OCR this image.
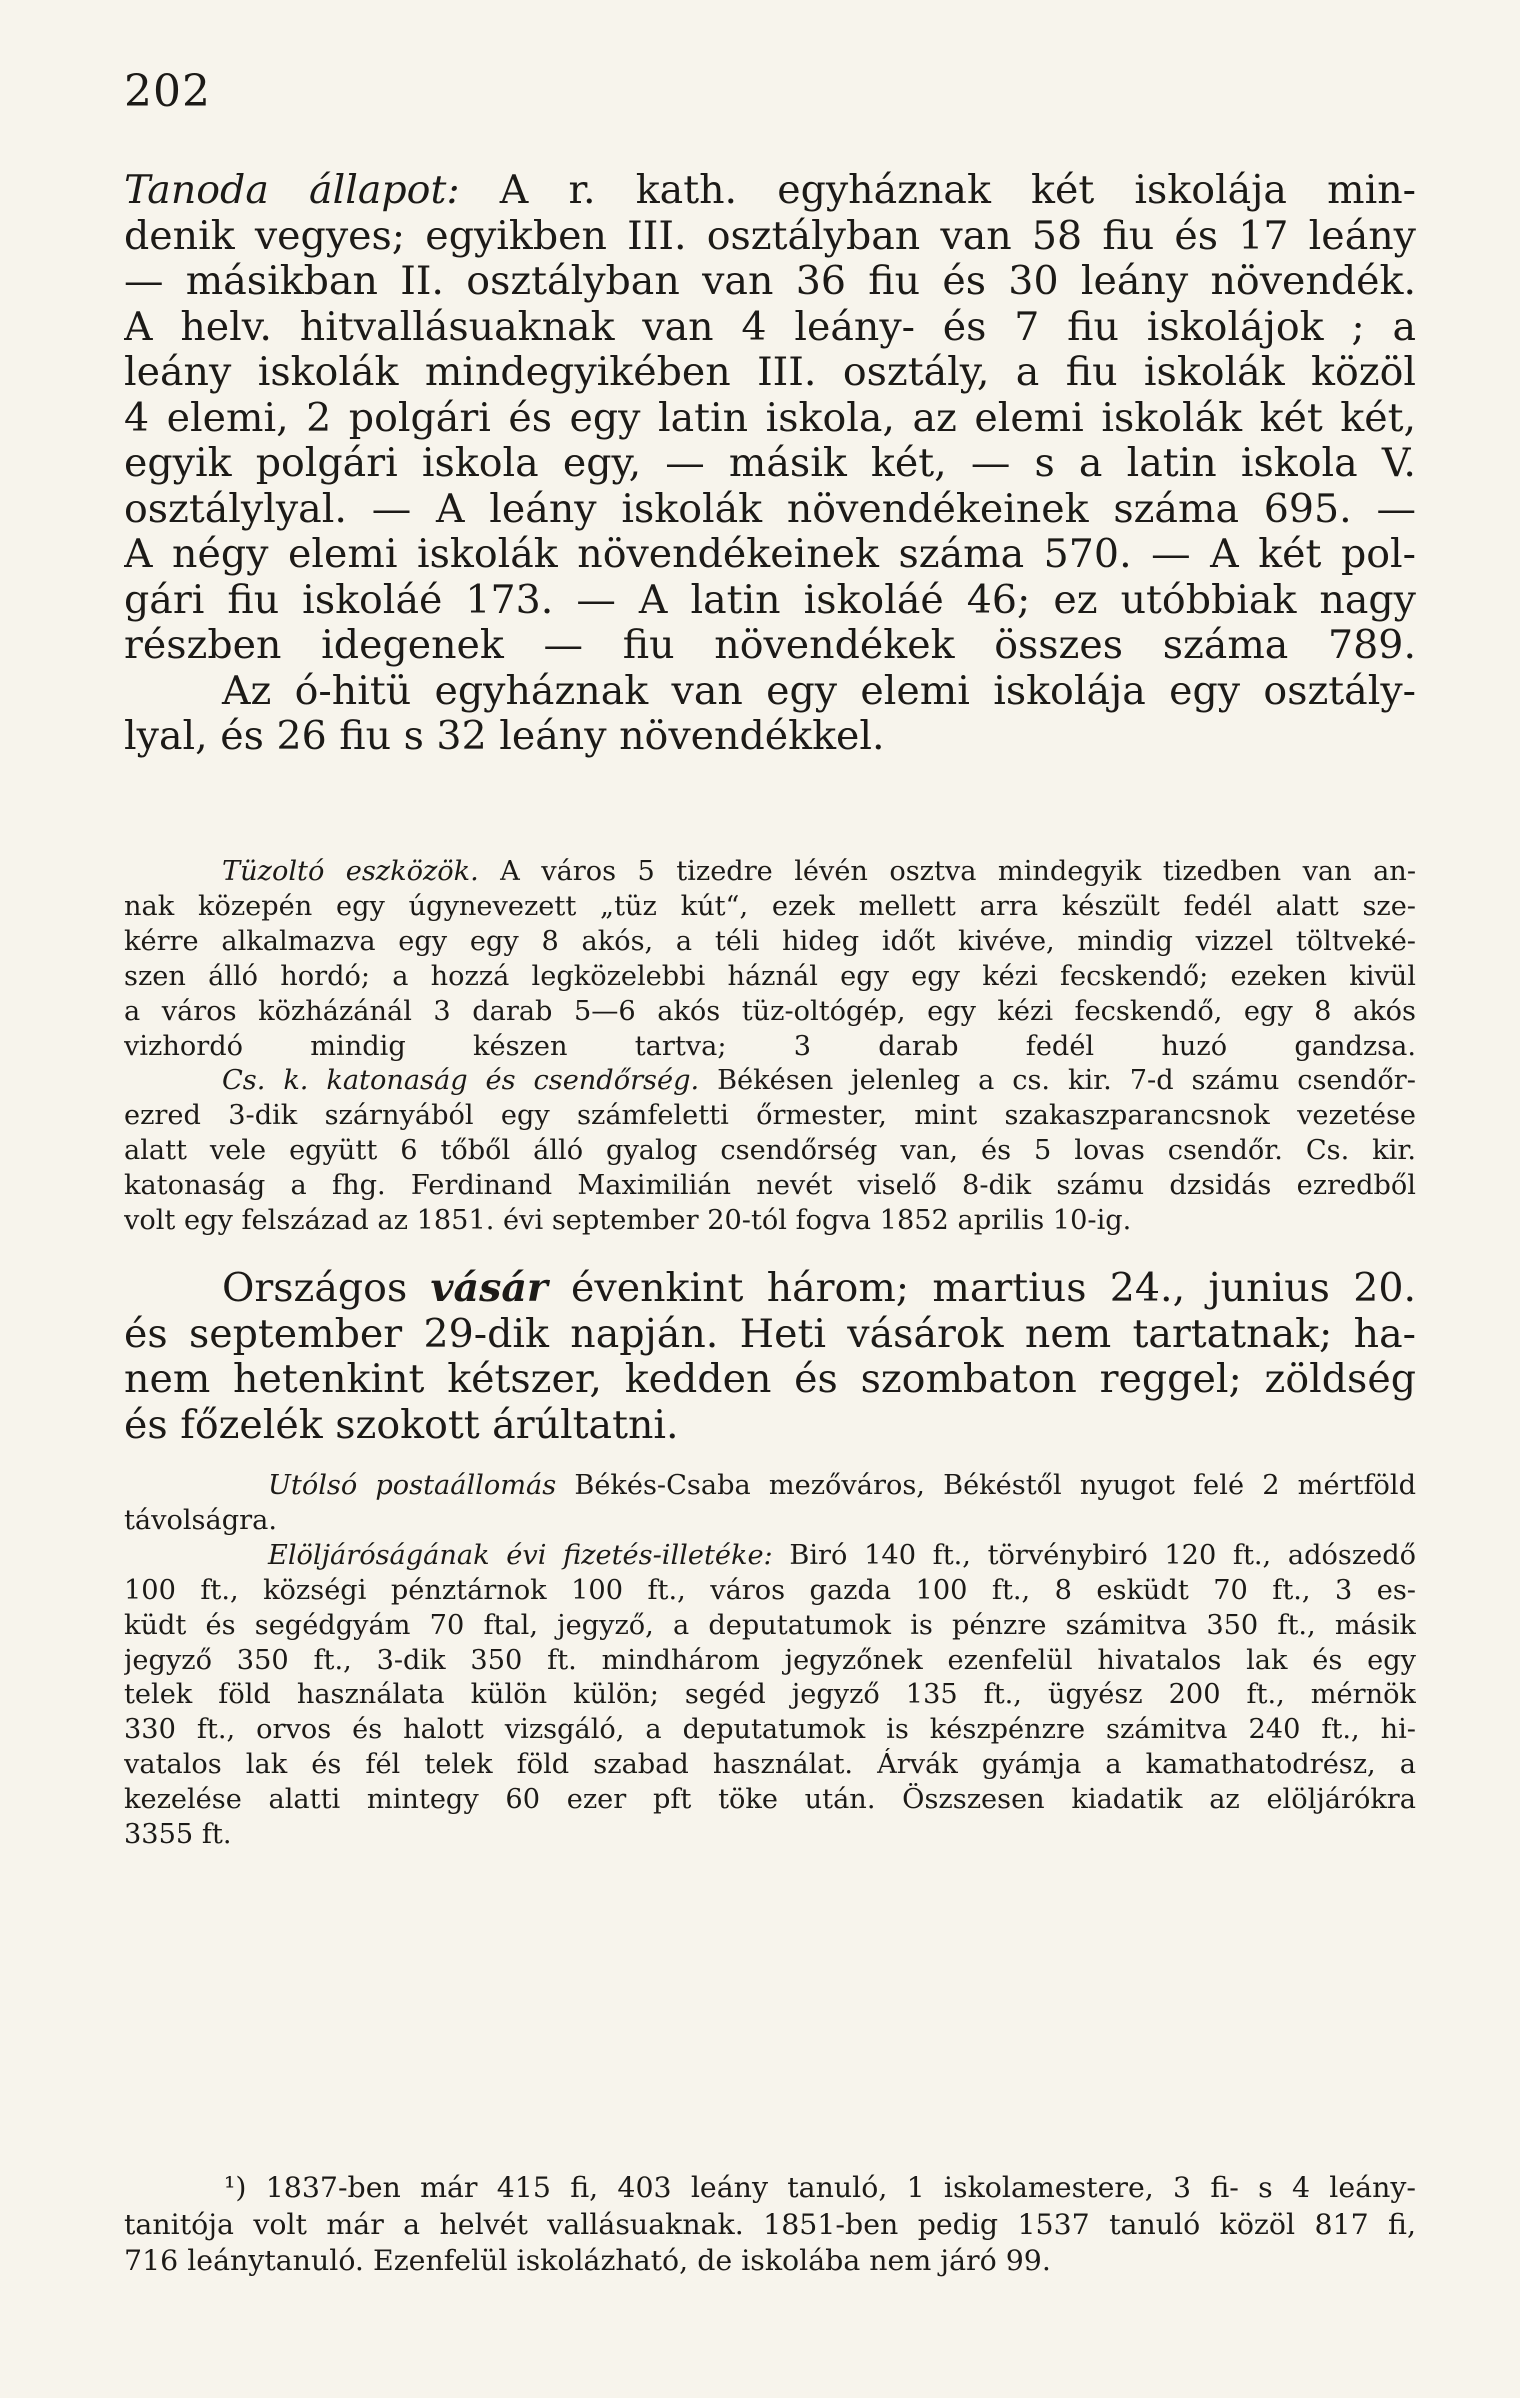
202
Tanoda állapot: A r. kath. egyháznak két iskolája min-
denik vegyes; egyikben III. osztályban van 58 fiu és 17 leány
— másikban II. osztályban van 36 fiu és 30 leány növendék.
A helv. hitvallásuaknak van 4 leány- és 7 fiu iskolájok ; a
leány iskolák mindegyikében III. osztály, a fiu iskolák közöl
4 elemi, 2 polgári és egy latin iskola, az elemi iskolák két két,
egyik polgári iskola egy, — másik két, — s a latin iskola V.
osztálylyal. — A leány iskolák növendékeinek száma 695. —
A négy elemi iskolák növendékeinek száma 570. — A két pol-
gári fiu iskoláé 173. — A latin iskoláé 46; ez utóbbiak nagy
részben idegenek — fiu növendékek összes száma 789.
Az ó-hitü egyháznak van egy elemi iskolája egy osztály-
lyal, és 26 fiu s 32 leány növendékkel.
Tüzoltó eszközök. A város 5 tizedre lévén osztva mindegyik tizedben van an-
nak közepén egy úgynevezett „tüz kút“, ezek mellett arra készült fedél alatt sze-
kérre alkalmazva egy egy 8 akós, a téli hideg időt kivéve, mindig vizzel töltveké-
szen álló hordó; a hozzá legközelebbi háznál egy egy kézi fecskendő; ezeken kivül
a város közházánál 3 darab 5—6 akós tüz-oltógép, egy kézi fecskendő, egy 8 akós
vizhordó mindig készen tartva; 3 darab fedél huzó gandzsa.
Cs. k. katonaság és csendőrség. Békésen jelenleg a cs. kir. 7-d számu csendőr-
ezred 3-dik szárnyából egy számfeletti őrmester, mint szakaszparancsnok vezetése
alatt vele együtt 6 tőből álló gyalog csendőrség van, és 5 lovas csendőr. Cs. kir.
katonaság a fhg. Ferdinand Maximilián nevét viselő 8-dik számu dzsidás ezredből
volt egy felszázad az 1851. évi september 20-tól fogva 1852 aprilis 10-ig.
Országos vásár évenkint három; martius 24., junius 20.
és september 29-dik napján. Heti vásárok nem tartatnak; ha-
nem hetenkint kétszer, kedden és szombaton reggel; zöldség
és főzelék szokott árúltatni.
Utólsó postaállomás Békés-Csaba mezőváros, Békéstől nyugot felé 2 mértföld
távolságra.
Elöljáróságának évi fizetés-illetéke: Biró 140 ft., törvénybiró 120 ft., adószedő
100 ft., községi pénztárnok 100 ft., város gazda 100 ft., 8 esküdt 70 ft., 3 es-
küdt és segédgyám 70 ftal, jegyző, a deputatumok is pénzre számitva 350 ft., másik
jegyző 350 ft., 3-dik 350 ft. mindhárom jegyzőnek ezenfelül hivatalos lak és egy
telek föld használata külön külön; segéd jegyző 135 ft., ügyész 200 ft., mérnök
330 ft., orvos és halott vizsgáló, a deputatumok is készpénzre számitva 240 ft., hi-
vatalos lak és fél telek föld szabad használat. Árvák gyámja a kamathatodrész, a
kezelése alatti mintegy 60 ezer pft töke után. Öszszesen kiadatik az elöljárókra
3355 ft.
¹) 1837-ben már 415 fi, 403 leány tanuló, 1 iskolamestere, 3 fi- s 4 leány-
tanitója volt már a helvét vallásuaknak. 1851-ben pedig 1537 tanuló közöl 817 fi,
716 leánytanuló. Ezenfelül iskolázható, de iskolába nem járó 99.
